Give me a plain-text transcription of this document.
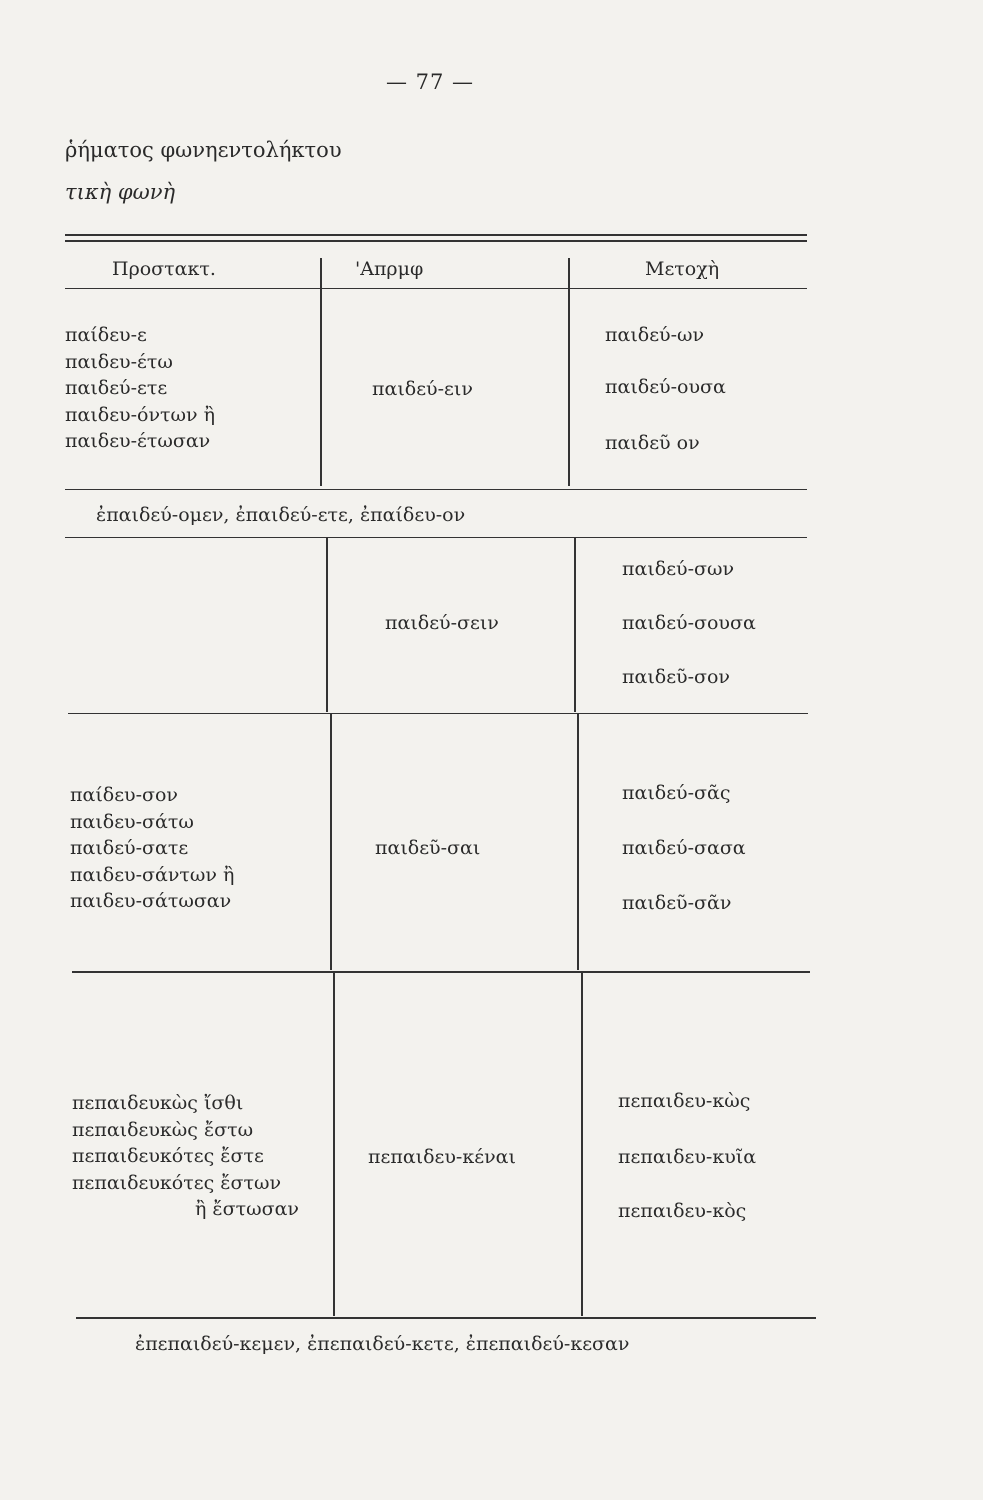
— 77 —
ῥήματος φωνηεντολήκτου
τικὴ φωνὴ
Προστακτ.	'Απρμφ	Μετοχὴ
παίδευ-ε
παιδευ-έτω
παιδεύ-ετε
παιδευ-όντων ἢ
παιδευ-έτωσαν
παιδεύ-ειν
παιδεύ-ων
παιδεύ-ουσα
παιδεῦ ον
ἐπαιδεύ-ομεν, ἐπαιδεύ-ετε, ἐπαίδευ-ον
παιδεύ-σειν
παιδεύ-σων
παιδεύ-σουσα
παιδεῦ-σον
παίδευ-σον
παιδευ-σάτω
παιδεύ-σατε
παιδευ-σάντων ἢ
παιδευ-σάτωσαν
παιδεῦ-σαι
παιδεύ-σᾶς
παιδεύ-σασα
παιδεῦ-σᾶν
πεπαιδευκὼς ἴσθι
πεπαιδευκὼς ἔστω
πεπαιδευκότες ἔστε
πεπαιδευκότες ἔστων
ἢ ἔστωσαν
πεπαιδευ-κέναι
πεπαιδευ-κὼς
πεπαιδευ-κυῖα
πεπαιδευ-κὸς
ἐπεπαιδεύ-κεμεν, ἐπεπαιδεύ-κετε, ἐπεπαιδεύ-κεσαν
